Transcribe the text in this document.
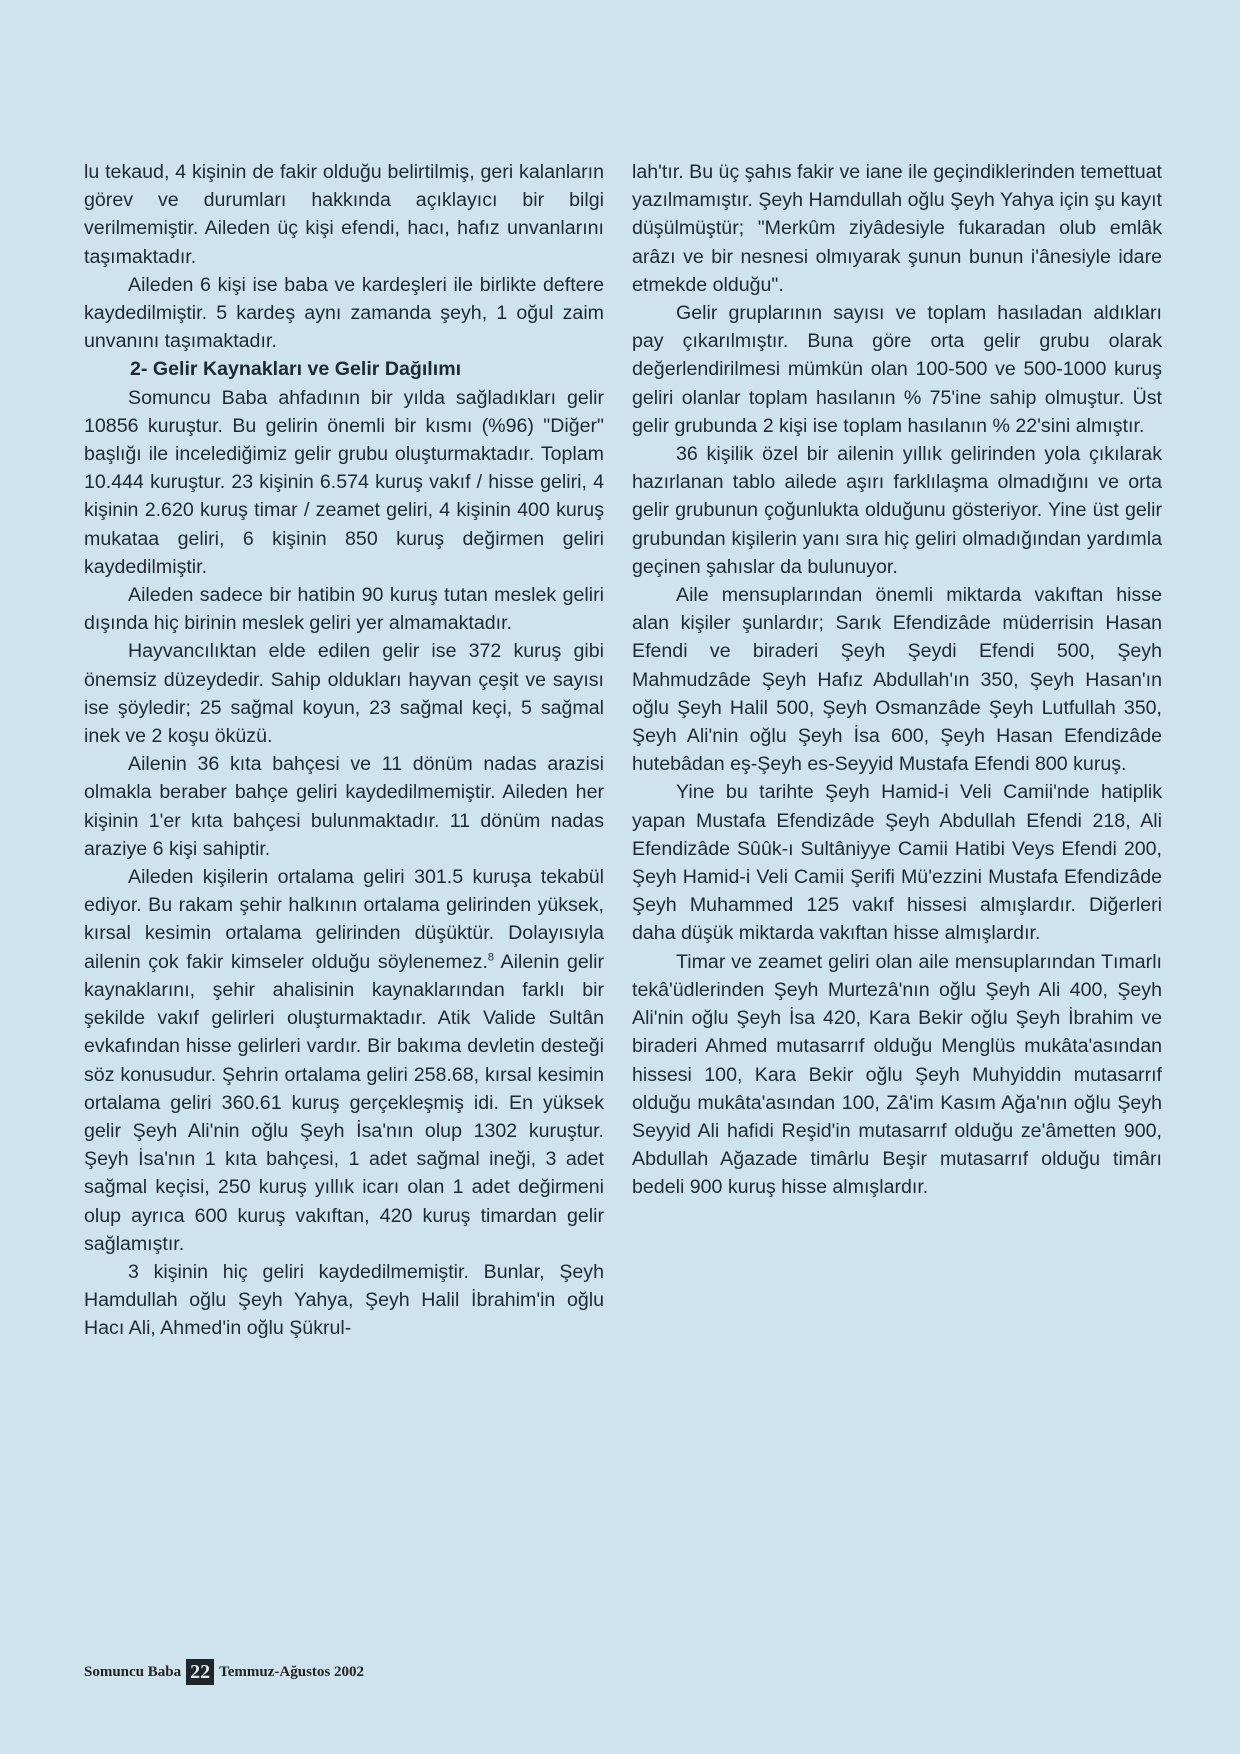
lu tekaud, 4 kişinin de fakir olduğu belirtilmiş, geri kalanların görev ve durumları hakkında açıklayıcı bir bilgi verilmemiştir. Aileden üç kişi efendi, hacı, hafız unvanlarını taşımaktadır.

Aileden 6 kişi ise baba ve kardeşleri ile birlikte deftere kaydedilmiştir. 5 kardeş aynı zamanda şeyh, 1 oğul zaim unvanını taşımaktadır.

2- Gelir Kaynakları ve Gelir Dağılımı

Somuncu Baba ahfadının bir yılda sağladıkları gelir 10856 kuruştur. Bu gelirin önemli bir kısmı (%96) "Diğer" başlığı ile incelediğimiz gelir grubu oluşturmaktadır. Toplam 10.444 kuruştur. 23 kişinin 6.574 kuruş vakıf / hisse geliri, 4 kişinin 2.620 kuruş timar / zeamet geliri, 4 kişinin 400 kuruş mukataa geliri, 6 kişinin 850 kuruş değirmen geliri kaydedilmiştir.

Aileden sadece bir hatibin 90 kuruş tutan meslek geliri dışında hiç birinin meslek geliri yer almamaktadır.

Hayvancılıktan elde edilen gelir ise 372 kuruş gibi önemsiz düzeydedir. Sahip oldukları hayvan çeşit ve sayısı ise şöyledir; 25 sağmal koyun, 23 sağmal keçi, 5 sağmal inek ve 2 koşu öküzü.

Ailenin 36 kıta bahçesi ve 11 dönüm nadas arazisi olmakla beraber bahçe geliri kaydedilmemiştir. Aileden her kişinin 1'er kıta bahçesi bulunmaktadır. 11 dönüm nadas araziye 6 kişi sahiptir.

Aileden kişilerin ortalama geliri 301.5 kuruşa tekabül ediyor. Bu rakam şehir halkının ortalama gelirinden yüksek, kırsal kesimin ortalama gelirinden düşüktür. Dolayısıyla ailenin çok fakir kimseler olduğu söylenemez.$^8$ Ailenin gelir kaynaklarını, şehir ahalisinin kaynaklarından farklı bir şekilde vakıf gelirleri oluşturmaktadır. Atik Valide Sultân evkafından hisse gelirleri vardır. Bir bakıma devletin desteği söz konusudur. Şehrin ortalama geliri 258.68, kırsal kesimin ortalama geliri 360.61 kuruş gerçekleşmiş idi. En yüksek gelir Şeyh Ali'nin oğlu Şeyh İsa'nın olup 1302 kuruştur. Şeyh İsa'nın 1 kıta bahçesi, 1 adet sağmal ineği, 3 adet sağmal keçisi, 250 kuruş yıllık icarı olan 1 adet değirmeni olup ayrıca 600 kuruş vakıftan, 420 kuruş timardan gelir sağlamıştır.

3 kişinin hiç geliri kaydedilmemiştir. Bunlar, Şeyh Hamdullah oğlu Şeyh Yahya, Şeyh Halil İbrahim'in oğlu Hacı Ali, Ahmed'in oğlu Şükrul-

lah'tır. Bu üç şahıs fakir ve iane ile geçindiklerinden temettuat yazılmamıştır. Şeyh Hamdullah oğlu Şeyh Yahya için şu kayıt düşülmüştür; "Merkûm ziyâdesiyle fukaradan olub emlâk arâzı ve bir nesnesi olmıyarak şunun bunun i'ânesiyle idare etmekde olduğu".

Gelir gruplarının sayısı ve toplam hasıladan aldıkları pay çıkarılmıştır. Buna göre orta gelir grubu olarak değerlendirilmesi mümkün olan 100-500 ve 500-1000 kuruş geliri olanlar toplam hasılanın % 75'ine sahip olmuştur. Üst gelir grubunda 2 kişi ise toplam hasılanın % 22'sini almıştır.

36 kişilik özel bir ailenin yıllık gelirinden yola çıkılarak hazırlanan tablo ailede aşırı farklılaşma olmadığını ve orta gelir grubunun çoğunlukta olduğunu gösteriyor. Yine üst gelir grubundan kişilerin yanı sıra hiç geliri olmadığından yardımla geçinen şahıslar da bulunuyor.

Aile mensuplarından önemli miktarda vakıftan hisse alan kişiler şunlardır; Sarık Efendizâde müderrisin Hasan Efendi ve biraderi Şeyh Şeydi Efendi 500, Şeyh Mahmudzâde Şeyh Hafız Abdullah'ın 350, Şeyh Hasan'ın oğlu Şeyh Halil 500, Şeyh Osmanzâde Şeyh Lutfullah 350, Şeyh Ali'nin oğlu Şeyh İsa 600, Şeyh Hasan Efendizâde hutebâdan eş-Şeyh es-Seyyid Mustafa Efendi 800 kuruş.

Yine bu tarihte Şeyh Hamid-i Veli Camii'nde hatiplik yapan Mustafa Efendizâde Şeyh Abdullah Efendi 218, Ali Efendizâde Sûûk-ı Sultâniyye Camii Hatibi Veys Efendi 200, Şeyh Hamid-i Veli Camii Şerifi Mü'ezzini Mustafa Efendizâde Şeyh Muhammed 125 vakıf hissesi almışlardır. Diğerleri daha düşük miktarda vakıftan hisse almışlardır.

Timar ve zeamet geliri olan aile mensuplarından Tımarlı tekâ'üdlerinden Şeyh Murtezâ'nın oğlu Şeyh Ali 400, Şeyh Ali'nin oğlu Şeyh İsa 420, Kara Bekir oğlu Şeyh İbrahim ve biraderi Ahmed mutasarrıf olduğu Menglüs mukâta'asından hissesi 100, Kara Bekir oğlu Şeyh Muhyiddin mutasarrıf olduğu mukâta'asından 100, Zâ'im Kasım Ağa'nın oğlu Şeyh Seyyid Ali hafidi Reşid'in mutasarrıf olduğu ze'âmetten 900, Abdullah Ağazade timârlu Beşir mutasarrıf olduğu timârı bedeli 900 kuruş hisse almışlardır.

Somuncu Baba 22 Temmuz-Ağustos 2002
